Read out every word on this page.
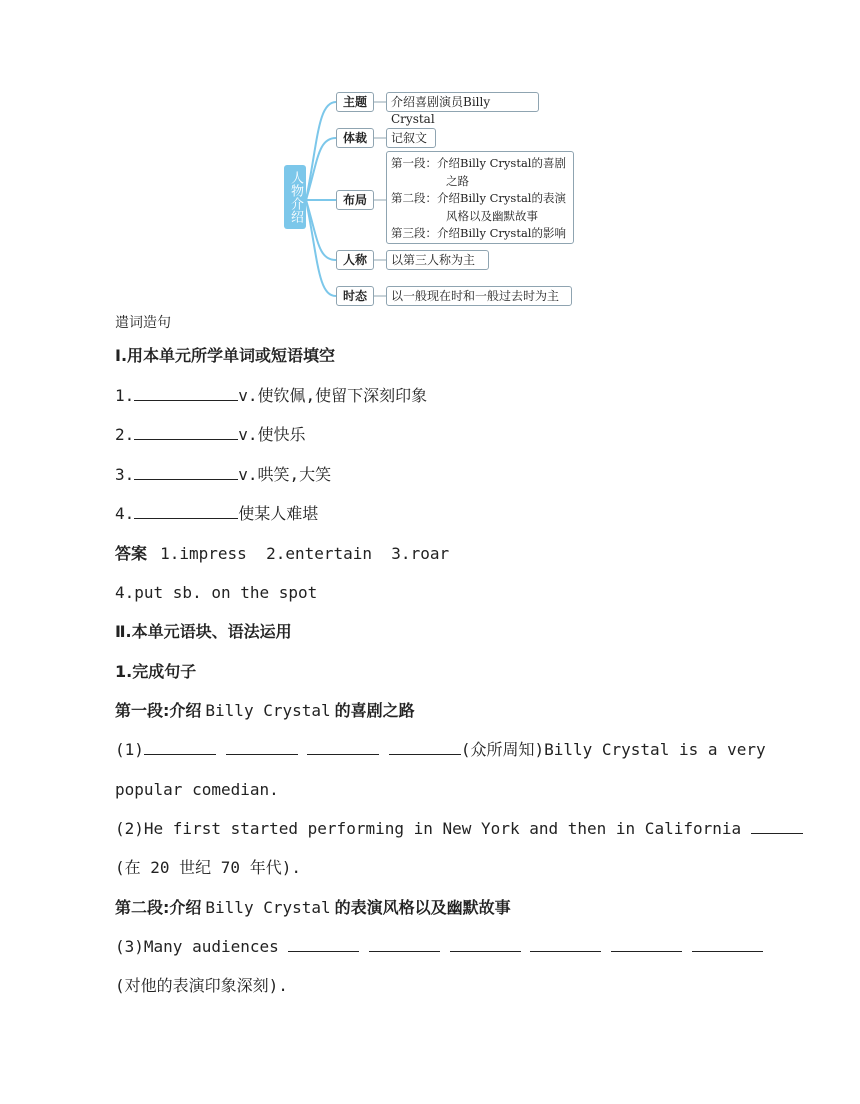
人物介绍
主题	介绍喜剧演员Billy Crystal
体裁	记叙文
布局
第一段：介绍Billy Crystal的喜剧
之路
第二段：介绍Billy Crystal的表演
风格以及幽默故事
第三段：介绍Billy Crystal的影响
人称	以第三人称为主
时态	以一般现在时和一般过去时为主
遣词造句
Ⅰ.用本单元所学单词或短语填空
1.	v.使钦佩,使留下深刻印象
2.	v.使快乐
3.	v.哄笑,大笑
4.	使某人难堪
答案 1.impress  2.entertain  3.roar
4.put sb. on the spot
Ⅱ.本单元语块、语法运用
1.完成句子
第一段:介绍 Billy Crystal 的喜剧之路
(1)	(众所周知)Billy Crystal is a very
popular comedian.
(2)He first started performing in New York and then in California
(在 20 世纪 70 年代).
第二段:介绍 Billy Crystal 的表演风格以及幽默故事
(3)Many audiences
(对他的表演印象深刻).
